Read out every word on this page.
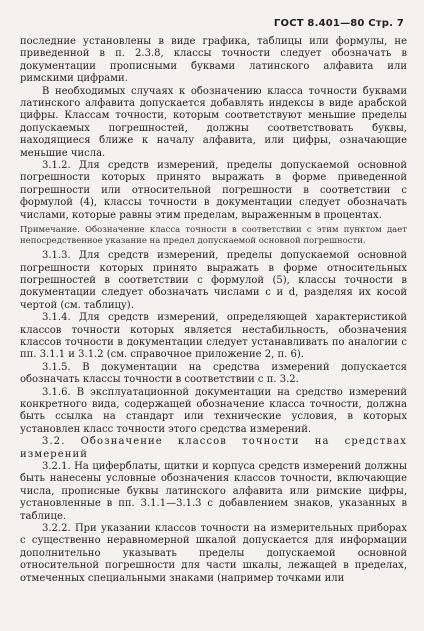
ГОСТ 8.401—80 Стр. 7

последние установлены в виде графика, таблицы или формулы, не приведенной в п. 2.3.8, классы точности следует обозначать в документации прописными буквами латинского алфавита или римскими цифрами.

В необходимых случаях к обозначению класса точности буквами латинского алфавита допускается добавлять индексы в виде арабской цифры. Классам точности, которым соответствуют меньшие пределы допускаемых погрешностей, должны соответствовать буквы, находящиеся ближе к началу алфавита, или цифры, означающие меньшие числа.

3.1.2. Для средств измерений, пределы допускаемой основной погрешности которых принято выражать в форме приведенной погрешности или относительной погрешности в соответствии с формулой (4), классы точности в документации следует обозначать числами, которые равны этим пределам, выраженным в процентах.

Примечание. Обозначение класса точности в соответствии с этим пунктом дает непосредственное указание на предел допускаемой основной погрешности.

3.1.3. Для средств измерений, пределы допускаемой основной погрешности которых принято выражать в форме относительных погрешностей в соответствии с формулой (5), классы точности в документации следует обозначать числами c и d, разделяя их косой чертой (см. таблицу).

3.1.4. Для средств измерений, определяющей характеристикой классов точности которых является нестабильность, обозначения классов точности в документации следует устанавливать по аналогии с пп. 3.1.1 и 3.1.2 (см. справочное приложение 2, п. 6).

3.1.5. В документации на средства измерений допускается обозначать классы точности в соответствии с п. 3.2.

3.1.6. В эксплуатационной документации на средство измерений конкретного вида, содержащей обозначение класса точности, должна быть ссылка на стандарт или технические условия, в которых установлен класс точности этого средства измерений.

3.2. Обозначение классов точности на средствах измерений

3.2.1. На циферблаты, щитки и корпуса средств измерений должны быть нанесены условные обозначения классов точности, включающие числа, прописные буквы латинского алфавита или римские цифры, установленные в пп. 3.1.1—3.1.3 с добавлением знаков, указанных в таблице.

3.2.2. При указании классов точности на измерительных приборах с существенно неравномерной шкалой допускается для информации дополнительно указывать пределы допускаемой основной относительной погрешности для части шкалы, лежащей в пределах, отмеченных специальными знаками (например точками или
